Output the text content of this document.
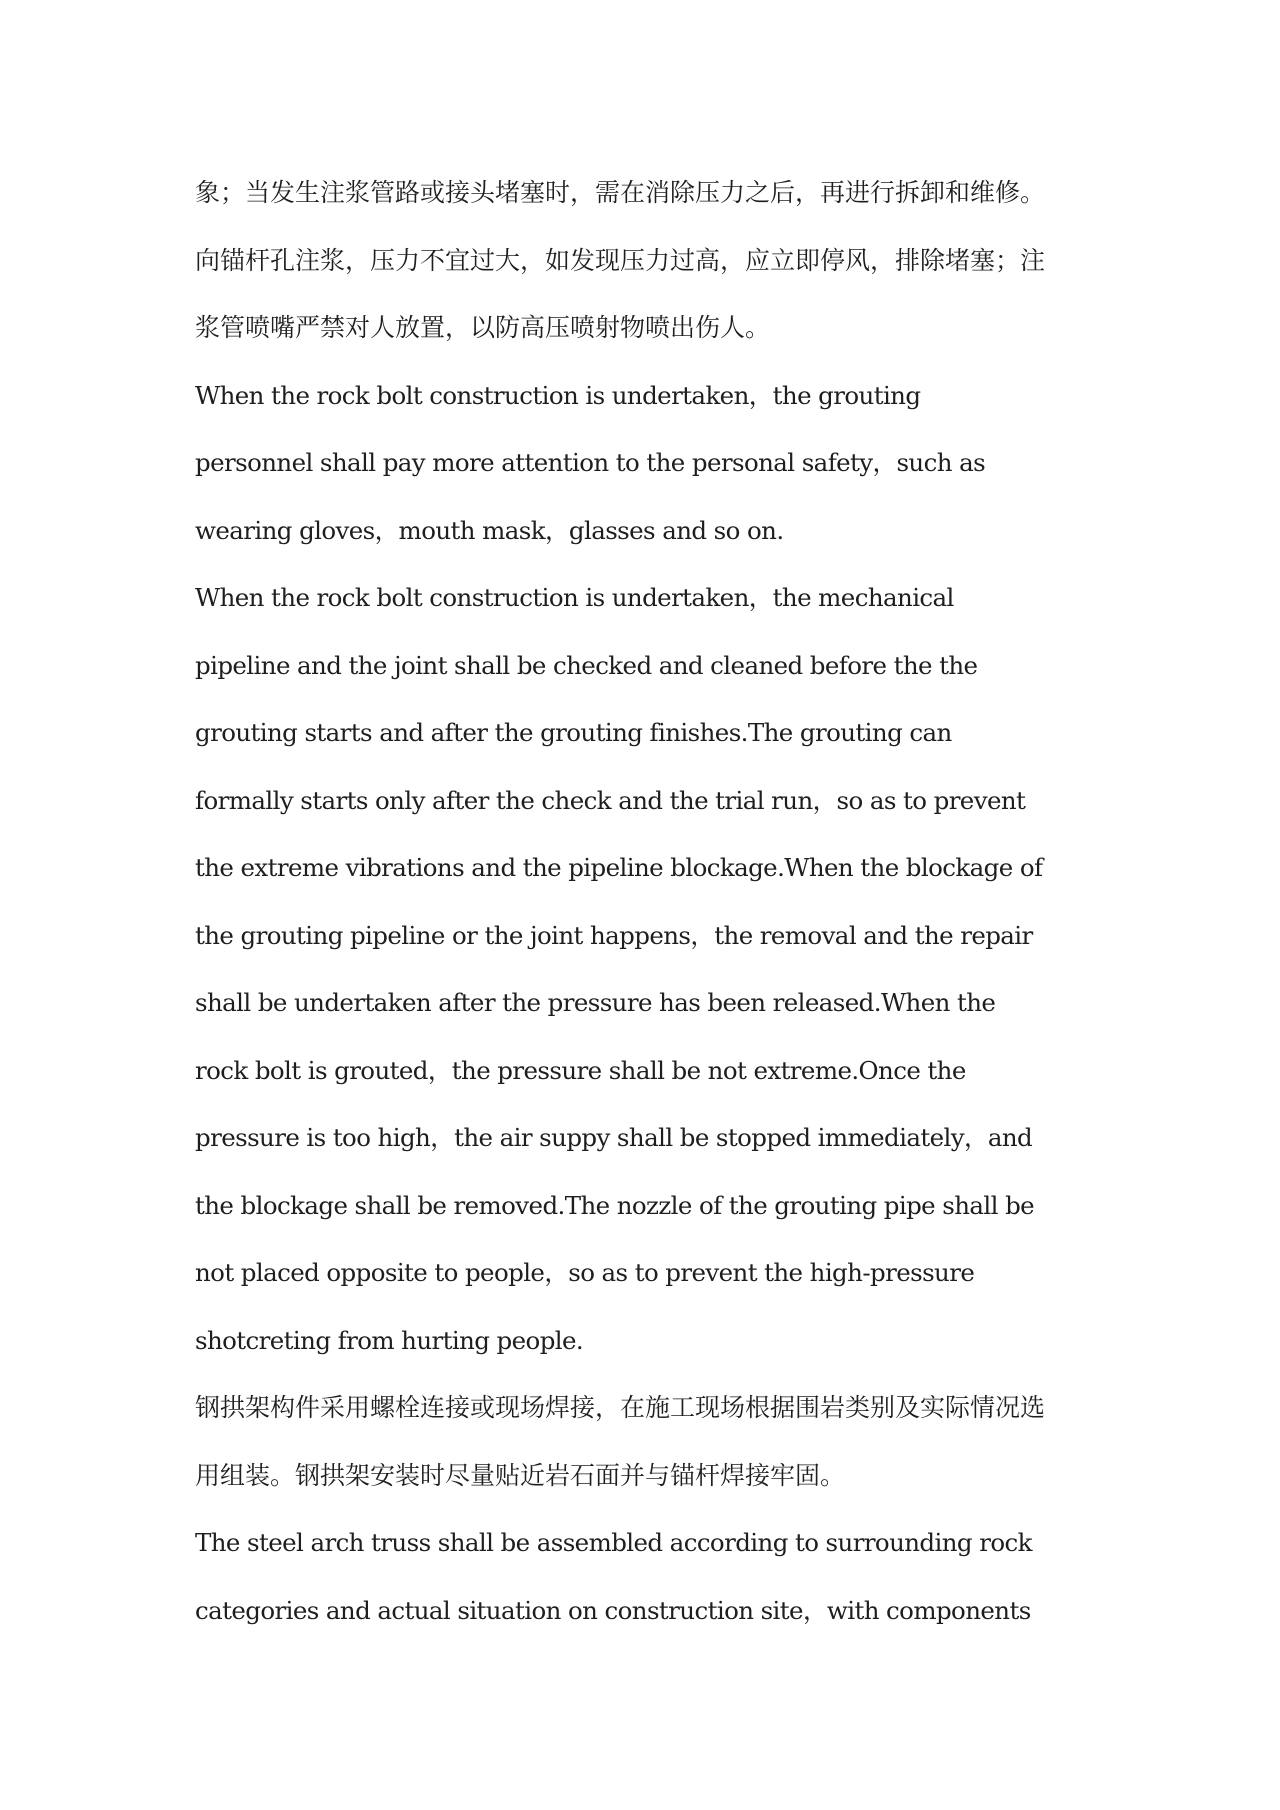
象；当发生注浆管路或接头堵塞时，需在消除压力之后，再进行拆卸和维修。
向锚杆孔注浆，压力不宜过大，如发现压力过高，应立即停风，排除堵塞；注
浆管喷嘴严禁对人放置，以防高压喷射物喷出伤人。
When the rock bolt construction is undertaken，the grouting
personnel shall pay more attention to the personal safety，such as
wearing gloves，mouth mask，glasses and so on.
When the rock bolt construction is undertaken，the mechanical
pipeline and the joint shall be checked and cleaned before the the
grouting starts and after the grouting finishes.The grouting can
formally starts only after the check and the trial run，so as to prevent
the extreme vibrations and the pipeline blockage.When the blockage of
the grouting pipeline or the joint happens，the removal and the repair
shall be undertaken after the pressure has been released.When the
rock bolt is grouted，the pressure shall be not extreme.Once the
pressure is too high，the air suppy shall be stopped immediately，and
the blockage shall be removed.The nozzle of the grouting pipe shall be
not placed opposite to people，so as to prevent the high-pressure
shotcreting from hurting people.
钢拱架构件采用螺栓连接或现场焊接，在施工现场根据围岩类别及实际情况选
用组装。钢拱架安装时尽量贴近岩石面并与锚杆焊接牢固。
The steel arch truss shall be assembled according to surrounding rock
categories and actual situation on construction site，with components
